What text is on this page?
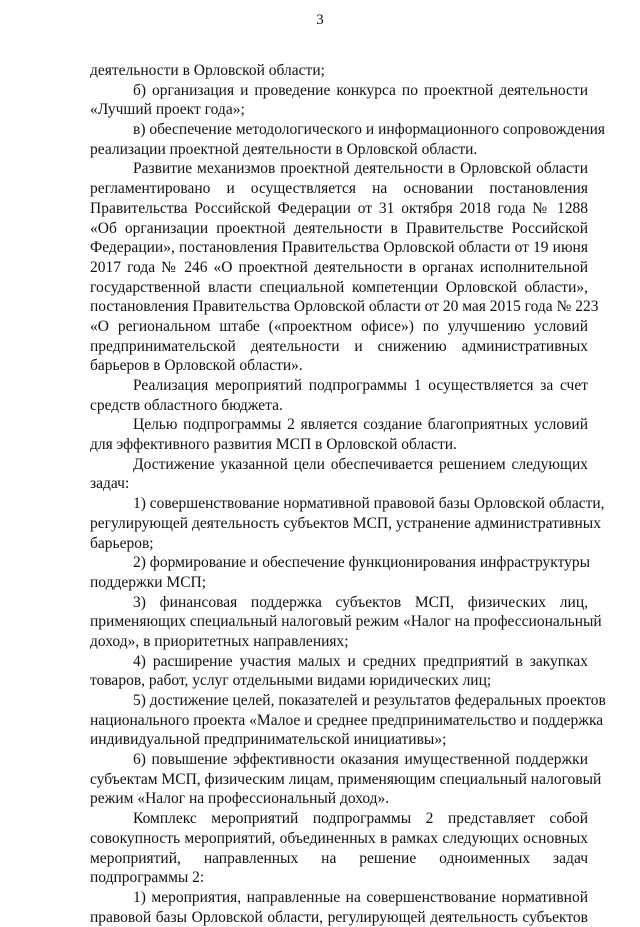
3
деятельности в Орловской области;
б) организация и проведение конкурса по проектной деятельности
«Лучший проект года»;
в) обеспечение методологического и информационного сопровождения
реализации проектной деятельности в Орловской области.
Развитие механизмов проектной деятельности в Орловской области
регламентировано и осуществляется на основании постановления
Правительства Российской Федерации от 31 октября 2018 года № 1288
«Об организации проектной деятельности в Правительстве Российской
Федерации», постановления Правительства Орловской области от 19 июня
2017 года № 246 «О проектной деятельности в органах исполнительной
государственной власти специальной компетенции Орловской области»,
постановления Правительства Орловской области от 20 мая 2015 года № 223
«О региональном штабе («проектном офисе») по улучшению условий
предпринимательской деятельности и снижению административных
барьеров в Орловской области».
Реализация мероприятий подпрограммы 1 осуществляется за счет
средств областного бюджета.
Целью подпрограммы 2 является создание благоприятных условий
для эффективного развития МСП в Орловской области.
Достижение указанной цели обеспечивается решением следующих
задач:
1) совершенствование нормативной правовой базы Орловской области,
регулирующей деятельность субъектов МСП, устранение административных
барьеров;
2) формирование и обеспечение функционирования инфраструктуры
поддержки МСП;
3) финансовая поддержка субъектов МСП, физических лиц,
применяющих специальный налоговый режим «Налог на профессиональный
доход», в приоритетных направлениях;
4) расширение участия малых и средних предприятий в закупках
товаров, работ, услуг отдельными видами юридических лиц;
5) достижение целей, показателей и результатов федеральных проектов
национального проекта «Малое и среднее предпринимательство и поддержка
индивидуальной предпринимательской инициативы»;
6) повышение эффективности оказания имущественной поддержки
субъектам МСП, физическим лицам, применяющим специальный налоговый
режим «Налог на профессиональный доход».
Комплекс мероприятий подпрограммы 2 представляет собой
совокупность мероприятий, объединенных в рамках следующих основных
мероприятий, направленных на решение одноименных задач
подпрограммы 2:
1) мероприятия, направленные на совершенствование нормативной
правовой базы Орловской области, регулирующей деятельность субъектов
